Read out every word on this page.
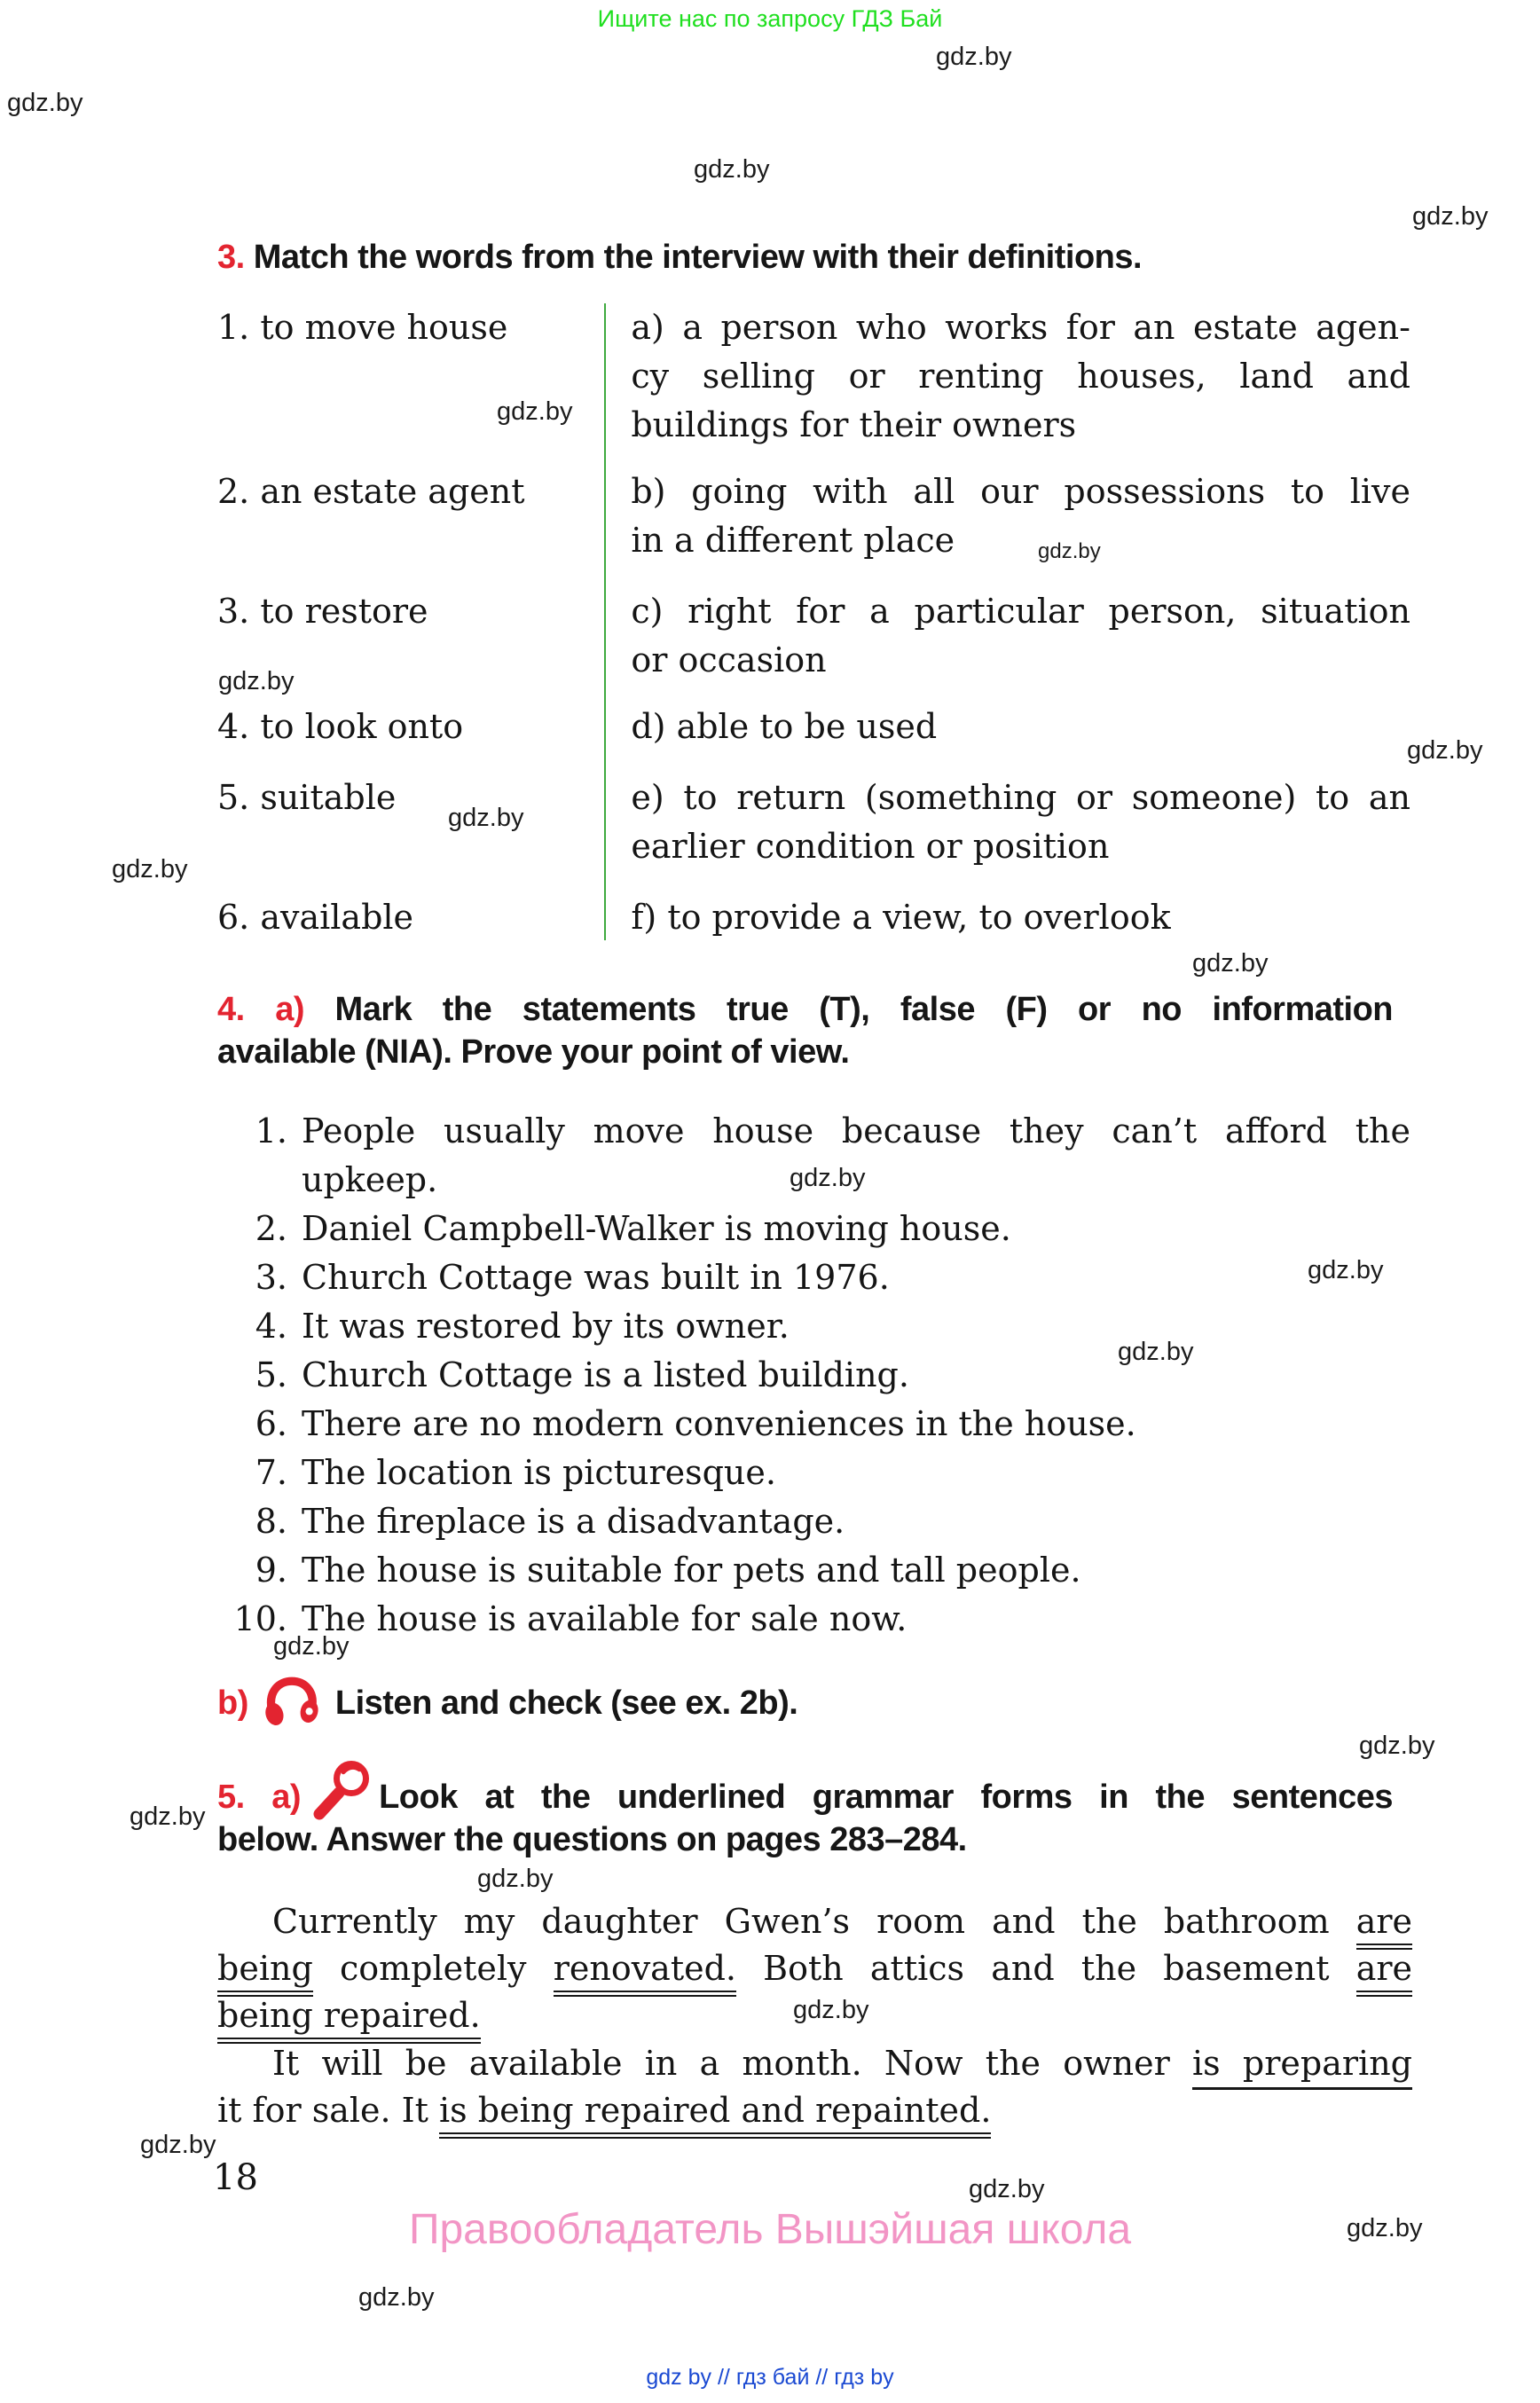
Ищите нас по запросу ГДЗ Бай
gdz.by
gdz.by
gdz.by
gdz.by
gdz.by
gdz.by
gdz.by
gdz.by
gdz.by
gdz.by
gdz.by
gdz.by
gdz.by
gdz.by
gdz.by
gdz.by
gdz.by
gdz.by
gdz.by
gdz.by
gdz.by
gdz.by
gdz.by
3. Match the words from the interview with their definitions.
1. to move house	a) a person who works for an estate agen-
cy selling or renting houses, land and
buildings for their owners
2. an estate agent	b) going with all our possessions to live
in a different place
3. to restore	c) right for a particular person, situation
or occasion
4. to look onto	d) able to be used
5. suitable	e) to return (something or someone) to an
earlier condition or position
6. available	f) to provide a view, to overlook
4. a) Mark the statements true (T), false (F) or no information
available (NIA). Prove your point of view.
1. People usually move house because they can’t afford the
upkeep.
2. Daniel Campbell-Walker is moving house.
3. Church Cottage was built in 1976.
4. It was restored by its owner.
5. Church Cottage is a listed building.
6. There are no modern conveniences in the house.
7. The location is picturesque.
8. The fireplace is a disadvantage.
9. The house is suitable for pets and tall people.
10. The house is available for sale now.
b)	Listen and check (see ex. 2b).
5. a) Look at the underlined grammar forms in the sentences
below. Answer the questions on pages 283–284.
Currently my daughter Gwen’s room and the bathroom are
being completely renovated. Both attics and the basement are
being repaired.
It will be available in a month. Now the owner is preparing
it for sale. It is being repaired and repainted.
18
Правообладатель Вышэйшая школа
gdz by // гдз бай // гдз by
